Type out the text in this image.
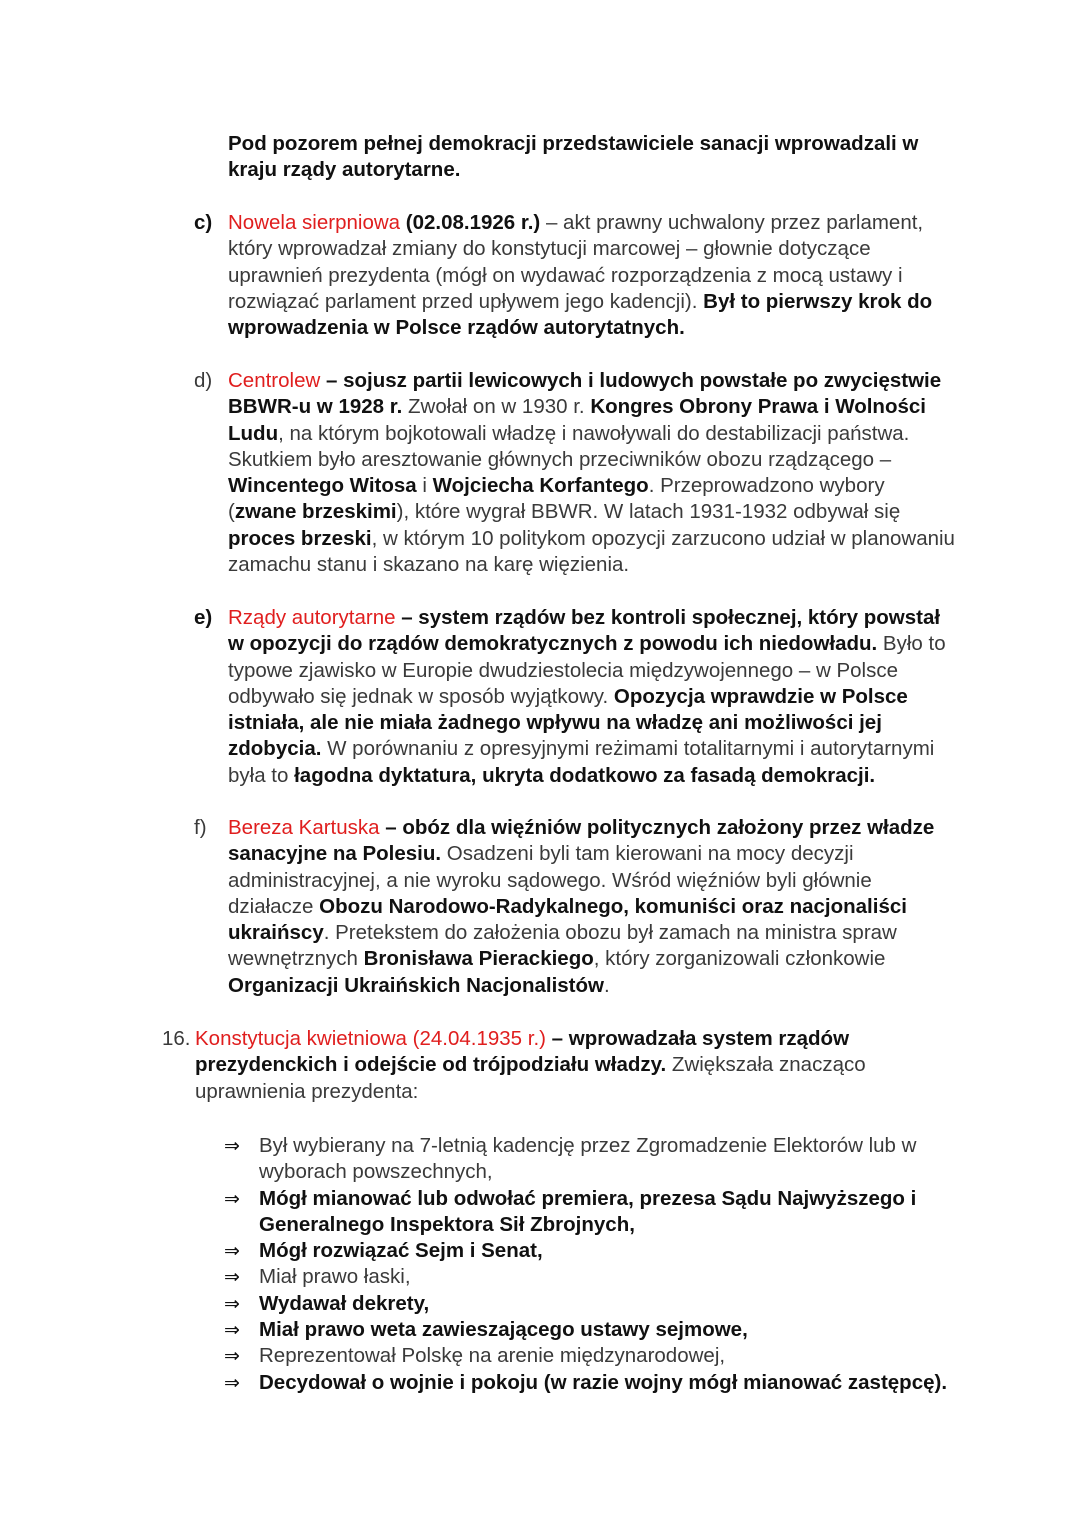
Pod pozorem pełnej demokracji przedstawiciele sanacji wprowadzali w kraju rządy autorytarne.
c) Nowela sierpniowa (02.08.1926 r.) – akt prawny uchwalony przez parlament, który wprowadzał zmiany do konstytucji marcowej – głownie dotyczące uprawnień prezydenta (mógł on wydawać rozporządzenia z mocą ustawy i rozwiązać parlament przed upływem jego kadencji). Był to pierwszy krok do wprowadzenia w Polsce rządów autorytatnych.
d) Centrolew – sojusz partii lewicowych i ludowych powstałe po zwycięstwie BBWR-u w 1928 r. Zwołał on w 1930 r. Kongres Obrony Prawa i Wolności Ludu, na którym bojkotowali władzę i nawoływali do destabilizacji państwa. Skutkiem było aresztowanie głównych przeciwników obozu rządzącego – Wincentego Witosa i Wojciecha Korfantego. Przeprowadzono wybory (zwane brzeskimi), które wygrał BBWR. W latach 1931-1932 odbywał się proces brzeski, w którym 10 politykom opozycji zarzucono udział w planowaniu zamachu stanu i skazano na karę więzienia.
e) Rządy autorytarne – system rządów bez kontroli społecznej, który powstał w opozycji do rządów demokratycznych z powodu ich niedowładu. Było to typowe zjawisko w Europie dwudziestolecia międzywojennego – w Polsce odbywało się jednak w sposób wyjątkowy. Opozycja wprawdzie w Polsce istniała, ale nie miała żadnego wpływu na władzę ani możliwości jej zdobycia. W porównaniu z opresyjnymi reżimami totalitarnymi i autorytarnymi była to łagodna dyktatura, ukryta dodatkowo za fasadą demokracji.
f) Bereza Kartuska – obóz dla więźniów politycznych założony przez władze sanacyjne na Polesiu. Osadzeni byli tam kierowani na mocy decyzji administracyjnej, a nie wyroku sądowego. Wśród więźniów byli głównie działacze Obozu Narodowo-Radykalnego, komuniści oraz nacjonaliści ukraińscy. Pretekstem do założenia obozu był zamach na ministra spraw wewnętrznych Bronisława Pierackiego, który zorganizowali członkowie Organizacji Ukraińskich Nacjonalistów.
16. Konstytucja kwietniowa (24.04.1935 r.) – wprowadzała system rządów prezydenckich i odejście od trójpodziału władzy. Zwiększała znacząco uprawnienia prezydenta:
⇒ Był wybierany na 7-letnią kadencję przez Zgromadzenie Elektorów lub w wyborach powszechnych,
⇒ Mógł mianować lub odwołać premiera, prezesa Sądu Najwyższego i Generalnego Inspektora Sił Zbrojnych,
⇒ Mógł rozwiązać Sejm i Senat,
⇒ Miał prawo łaski,
⇒ Wydawał dekrety,
⇒ Miał prawo weta zawieszającego ustawy sejmowe,
⇒ Reprezentował Polskę na arenie międzynarodowej,
⇒ Decydował o wojnie i pokoju (w razie wojny mógł mianować zastępcę).
